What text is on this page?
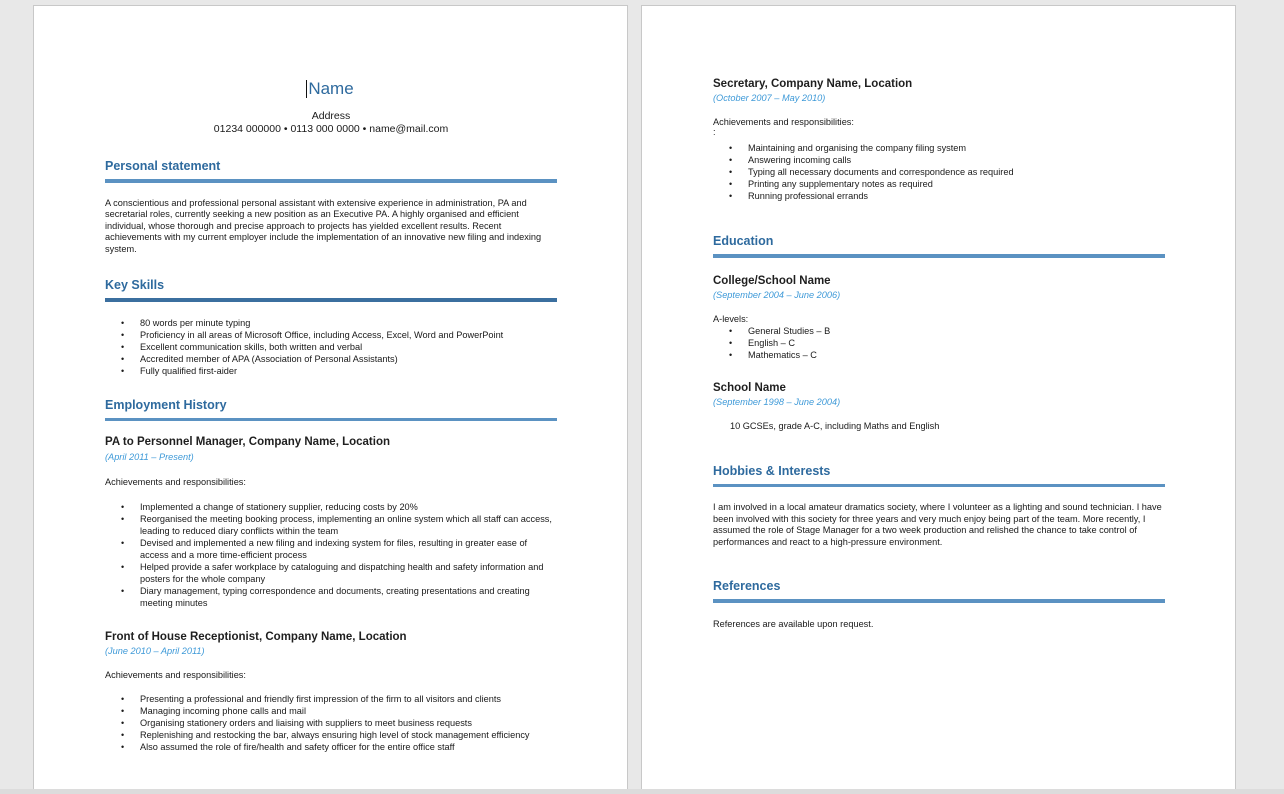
Name
Address
01234 000000 • 0113 000 0000 • name@mail.com
Personal statement

A conscientious and professional personal assistant with extensive experience in administration, PA and secretarial roles, currently seeking a new position as an Executive PA. A highly organised and efficient individual, whose thorough and precise approach to projects has yielded excellent results. Recent achievements with my current employer include the implementation of an innovative new filing and indexing system.

Key Skills
• 80 words per minute typing
• Proficiency in all areas of Microsoft Office, including Access, Excel, Word and PowerPoint
• Excellent communication skills, both written and verbal
• Accredited member of APA (Association of Personal Assistants)
• Fully qualified first-aider
Employment History
PA to Personnel Manager, Company Name, Location
(April 2011 – Present)
Achievements and responsibilities:
• Implemented a change of stationery supplier, reducing costs by 20%
• Reorganised the meeting booking process, implementing an online system which all staff can access, leading to reduced diary conflicts within the team
• Devised and implemented a new filing and indexing system for files, resulting in greater ease of access and a more time-efficient process
• Helped provide a safer workplace by cataloguing and dispatching health and safety information and posters for the whole company
• Diary management, typing correspondence and documents, creating presentations and creating meeting minutes
Front of House Receptionist, Company Name, Location
(June 2010 – April 2011)
Achievements and responsibilities:
• Presenting a professional and friendly first impression of the firm to all visitors and clients
• Managing incoming phone calls and mail
• Organising stationery orders and liaising with suppliers to meet business requests
• Replenishing and restocking the bar, always ensuring high level of stock management efficiency
• Also assumed the role of fire/health and safety officer for the entire office staff
Secretary, Company Name, Location
(October 2007 – May 2010)
Achievements and responsibilities:
:
• Maintaining and organising the company filing system
• Answering incoming calls
• Typing all necessary documents and correspondence as required
• Printing any supplementary notes as required
• Running professional errands
Education
College/School Name
(September 2004 – June 2006)
A-levels:
• General Studies – B
• English – C
• Mathematics – C
School Name
(September 1998 – June 2004)
10 GCSEs, grade A-C, including Maths and English
Hobbies & Interests

I am involved in a local amateur dramatics society, where I volunteer as a lighting and sound technician. I have been involved with this society for three years and very much enjoy being part of the team. More recently, I assumed the role of Stage Manager for a two week production and relished the chance to take control of performances and react to a high-pressure environment.

References

References are available upon request.
